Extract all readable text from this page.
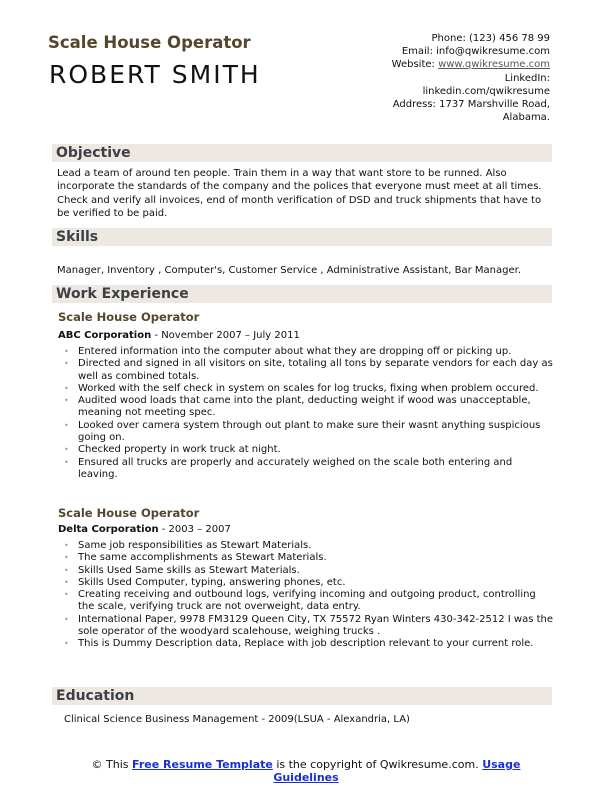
Scale House Operator
ROBERT SMITH
Phone: (123) 456 78 99
Email: info@qwikresume.com
Website: www.qwikresume.com
LinkedIn:
linkedin.com/qwikresume
Address: 1737 Marshville Road,
Alabama.
Objective
Lead a team of around ten people. Train them in a way that want store to be runned. Also incorporate the standards of the company and the polices that everyone must meet at all times. Check and verify all invoices, end of month verification of DSD and truck shipments that have to be verified to be paid.
Skills
Manager, Inventory , Computer's, Customer Service , Administrative Assistant, Bar Manager.
Work Experience
Scale House Operator
ABC Corporation - November 2007 – July 2011
• Entered information into the computer about what they are dropping off or picking up.
• Directed and signed in all visitors on site, totaling all tons by separate vendors for each day as well as combined totals.
• Worked with the self check in system on scales for log trucks, fixing when problem occured.
• Audited wood loads that came into the plant, deducting weight if wood was unacceptable, meaning not meeting spec.
• Looked over camera system through out plant to make sure their wasnt anything suspicious going on.
• Checked property in work truck at night.
• Ensured all trucks are properly and accurately weighed on the scale both entering and leaving.
Scale House Operator
Delta Corporation - 2003 – 2007
• Same job responsibilities as Stewart Materials.
• The same accomplishments as Stewart Materials.
• Skills Used Same skills as Stewart Materials.
• Skills Used Computer, typing, answering phones, etc.
• Creating receiving and outbound logs, verifying incoming and outgoing product, controlling the scale, verifying truck are not overweight, data entry.
• International Paper, 9978 FM3129 Queen City, TX 75572 Ryan Winters 430-342-2512 I was the sole operator of the woodyard scalehouse, weighing trucks .
• This is Dummy Description data, Replace with job description relevant to your current role.
Education
Clinical Science Business Management - 2009(LSUA - Alexandria, LA)
© This Free Resume Template is the copyright of Qwikresume.com. Usage Guidelines
